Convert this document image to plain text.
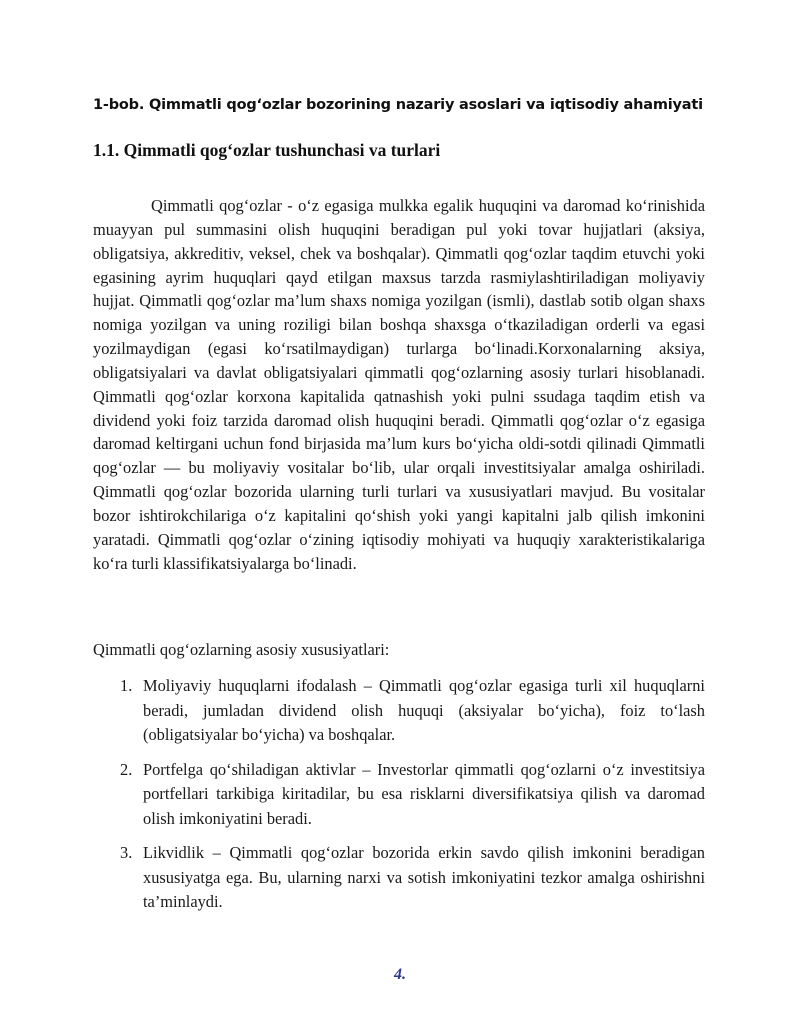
1-bob. Qimmatli qog‘ozlar bozorining nazariy asoslari va iqtisodiy ahamiyati
1.1. Qimmatli qog‘ozlar tushunchasi va turlari

Qimmatli qog‘ozlar - o‘z egasiga mulkka egalik huquqini va daromad ko‘rinishida muayyan pul summasini olish huquqini beradigan pul yoki tovar hujjatlari (aksiya, obligatsiya, akkreditiv, veksel, chek va boshqalar). Qimmatli qog‘ozlar taqdim etuvchi yoki egasining ayrim huquqlari qayd etilgan maxsus tarzda rasmiylashtiriladigan moliyaviy hujjat. Qimmatli qog‘ozlar ma’lum shaxs nomiga yozilgan (ismli), dastlab sotib olgan shaxs nomiga yozilgan va uning roziligi bilan boshqa shaxsga o‘tkaziladigan orderli va egasi yozilmaydigan (egasi ko‘rsatilmaydigan) turlarga bo‘linadi.Korxonalarning aksiya, obligatsiyalari va davlat obligatsiyalari qimmatli qog‘ozlarning asosiy turlari hisoblanadi. Qimmatli qog‘ozlar korxona kapitalida qatnashish yoki pulni ssudaga taqdim etish va dividend yoki foiz tarzida daromad olish huquqini beradi. Qimmatli qog‘ozlar o‘z egasiga daromad keltirgani uchun fond birjasida ma’lum kurs bo‘yicha oldi-sotdi qilinadi Qimmatli qog‘ozlar — bu moliyaviy vositalar bo‘lib, ular orqali investitsiyalar amalga oshiriladi. Qimmatli qog‘ozlar bozorida ularning turli turlari va xususiyatlari mavjud. Bu vositalar bozor ishtirokchilariga o‘z kapitalini qo‘shish yoki yangi kapitalni jalb qilish imkonini yaratadi. Qimmatli qog‘ozlar o‘zining iqtisodiy mohiyati va huquqiy xarakteristikalariga ko‘ra turli klassifikatsiyalarga bo‘linadi.

Qimmatli qog‘ozlarning asosiy xususiyatlari:

1. Moliyaviy huquqlarni ifodalash – Qimmatli qog‘ozlar egasiga turli xil huquqlarni beradi, jumladan dividend olish huquqi (aksiyalar bo‘yicha), foiz to‘lash (obligatsiyalar bo‘yicha) va boshqalar.
2. Portfelga qo‘shiladigan aktivlar – Investorlar qimmatli qog‘ozlarni o‘z investitsiya portfellari tarkibiga kiritadilar, bu esa risklarni diversifikatsiya qilish va daromad olish imkoniyatini beradi.
3. Likvidlik – Qimmatli qog‘ozlar bozorida erkin savdo qilish imkonini beradigan xususiyatga ega. Bu, ularning narxi va sotish imkoniyatini tezkor amalga oshirishni ta’minlaydi.

4.
